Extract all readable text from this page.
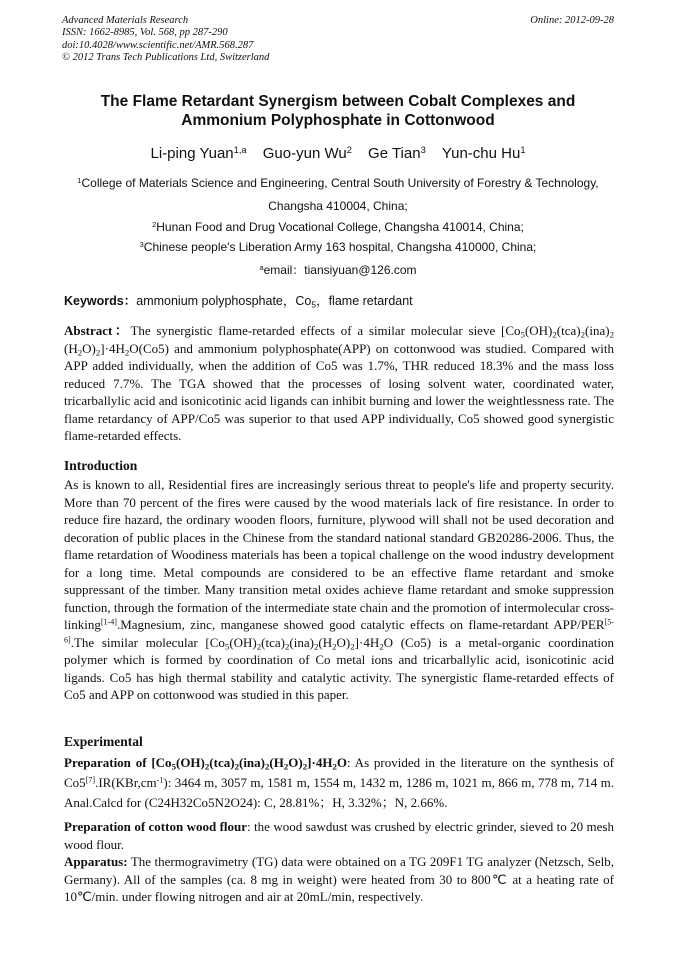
Advanced Materials Research
ISSN: 1662-8985, Vol. 568, pp 287-290
doi:10.4028/www.scientific.net/AMR.568.287
© 2012 Trans Tech Publications Ltd, Switzerland
Online: 2012-09-28
The Flame Retardant Synergism between Cobalt Complexes and
Ammonium Polyphosphate in Cottonwood
Li-ping Yuan$^{1,a}$ Guo-yun Wu$^2$ Ge Tian$^3$ Yun-chu Hu$^1$
$^1$College of Materials Science and Engineering, Central South University of Forestry & Technology,
Changsha 410004, China;
$^2$Hunan Food and Drug Vocational College, Changsha 410014, China;
$^3$Chinese people's Liberation Army 163 hospital, Changsha 410000, China;
$^a$email：tiansiyuan@126.com
Keywords：ammonium polyphosphate，$Co_5$，flame retardant
Abstract：The synergistic flame-retarded effects of a similar molecular sieve [$Co_5(OH)_2(tca)_2(ina)_2$ $(H_2O)_2]\cdot 4H_2O(Co5)$ and ammonium polyphosphate(APP) on cottonwood was studied. Compared with APP added individually, when the addition of Co5 was 1.7%, THR reduced 18.3% and the mass loss reduced 7.7%. The TGA showed that the processes of losing solvent water, coordinated water, tricarballylic acid and isonicotinic acid ligands can inhibit burning and lower the weightlessness rate. The flame retardancy of APP/Co5 was superior to that used APP individually, Co5 showed good synergistic flame-retarded effects.
Introduction
As is known to all, Residential fires are increasingly serious threat to people's life and property security. More than 70 percent of the fires were caused by the wood materials lack of fire resistance. In order to reduce fire hazard, the ordinary wooden floors, furniture, plywood will shall not be used decoration and decoration of public places in the Chinese from the standard national standard GB20286-2006. Thus, the flame retardation of Woodiness materials has been a topical challenge on the wood industry development for a long time. Metal compounds are considered to be an effective flame retardant and smoke suppressant of the timber. Many transition metal oxides achieve flame retardant and smoke suppression function, through the formation of the intermediate state chain and the promotion of intermolecular cross-linking[1-4].Magnesium, zinc, manganese showed good catalytic effects on flame-retardant APP/PER[5-6].The similar molecular $[Co_5(OH)_2(tca)_2(ina)_2(H_2O)_2]\cdot 4H_2O$ (Co5) is a metal-organic coordination polymer which is formed by coordination of Co metal ions and tricarballylic acid, isonicotinic acid ligands. Co5 has high thermal stability and catalytic activity. The synergistic flame-retarded effects of Co5 and APP on cottonwood was studied in this paper.
Experimental
Preparation of $[Co_5(OH)_2(tca)_2(ina)_2(H_2O)_2]\cdot 4H_2O$: As provided in the literature on the synthesis of $Co5[7].IR(KBr,cm^{-1})$: 3464 m, 3057 m, 1581 m, 1554 m, 1432 m, 1286 m, 1021 m, 866 m, 778 m, 714 m. Anal.Calcd for (C24H32Co5N2O24): C, 28.81%；H, 3.32%；N, 2.66%.
Preparation of cotton wood flour: the wood sawdust was crushed by electric grinder, sieved to 20 mesh wood flour.
Apparatus: The thermogravimetry (TG) data were obtained on a TG 209F1 TG analyzer (Netzsch, Selb, Germany). All of the samples (ca. 8 mg in weight) were heated from 30 to 800℃ at a heating rate of 10℃/min. under flowing nitrogen and air at 20mL/min, respectively.
